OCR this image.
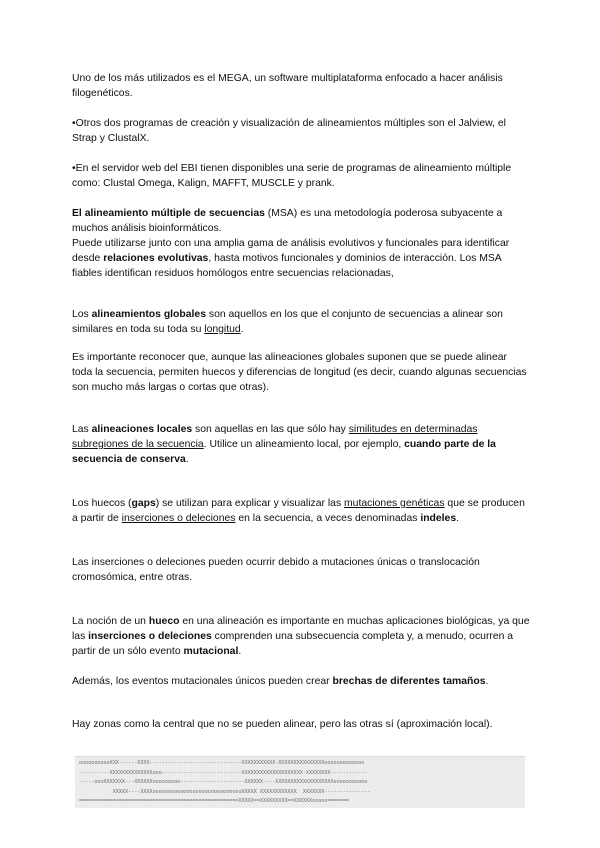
Uno de los más utilizados es el MEGA, un software multiplataforma enfocado a hacer análisis filogenéticos.

•Otros dos programas de creación y visualización de alineamientos múltiples son el Jalview, el Strap y ClustalX.

•En el servidor web del EBI tienen disponibles una serie de programas de alineamiento múltiple como: Clustal Omega, Kalign, MAFFT, MUSCLE y prank.

El alineamiento múltiple de secuencias (MSA) es una metodología poderosa subyacente a muchos análisis bioinformáticos.
Puede utilizarse junto con una amplia gama de análisis evolutivos y funcionales para identificar desde relaciones evolutivas, hasta motivos funcionales y dominios de interacción. Los MSA fiables identifican residuos homólogos entre secuencias relacionadas,

Los alineamientos globales son aquellos en los que el conjunto de secuencias a alinear son similares en toda su toda su longitud.

Es importante reconocer que, aunque las alineaciones globales suponen que se puede alinear toda la secuencia, permiten huecos y diferencias de longitud (es decir, cuando algunas secuencias son mucho más largas o cortas que otras).

Las alineaciones locales son aquellas en las que sólo hay similitudes en determinadas subregiones de la secuencia. Utilice un alineamiento local, por ejemplo, cuando parte de la secuencia de conserva.

Los huecos (gaps) se utilizan para explicar y visualizar las mutaciones genéticas que se producen a partir de inserciones o deleciones en la secuencia, a veces denominadas indeles.

Las inserciones o deleciones pueden ocurrir debido a mutaciones únicas o translocación cromosómica, entre otras.

La noción de un hueco en una alineación es importante en muchas aplicaciones biológicas, ya que las inserciones o deleciones comprenden una subsecuencia completa y, a menudo, ocurren a partir de un sólo evento mutacional.

Además, los eventos mutacionales únicos pueden crear brechas de diferentes tamaños.

Hay zonas como la central que no se pueden alinear, pero las otras sí (aproximación local).

ooooooooooXXX------XXXX------------------------------XXXXXXXXXXX-XXXXXXXXXXXXXXXooooooooooooo
----------XXXXXXXXXXXXXXooo--------------------------XXXXXXXXXXXXXXXXXXXX-XXXXXXXX------------
-----oooXXXXXXX---XXXXXXooooooooo---------------------XXXXXX----XXXXXXXXXXXXXXXXXXXooooooooooo
XXXXX----XXXXoooooooooooooooooooooooooooooXXXXX XXXXXXXXXXXX  XXXXXXX---------------
====================================================XXXXX==XXXXXXXXX==XXXXXXooooo=======
